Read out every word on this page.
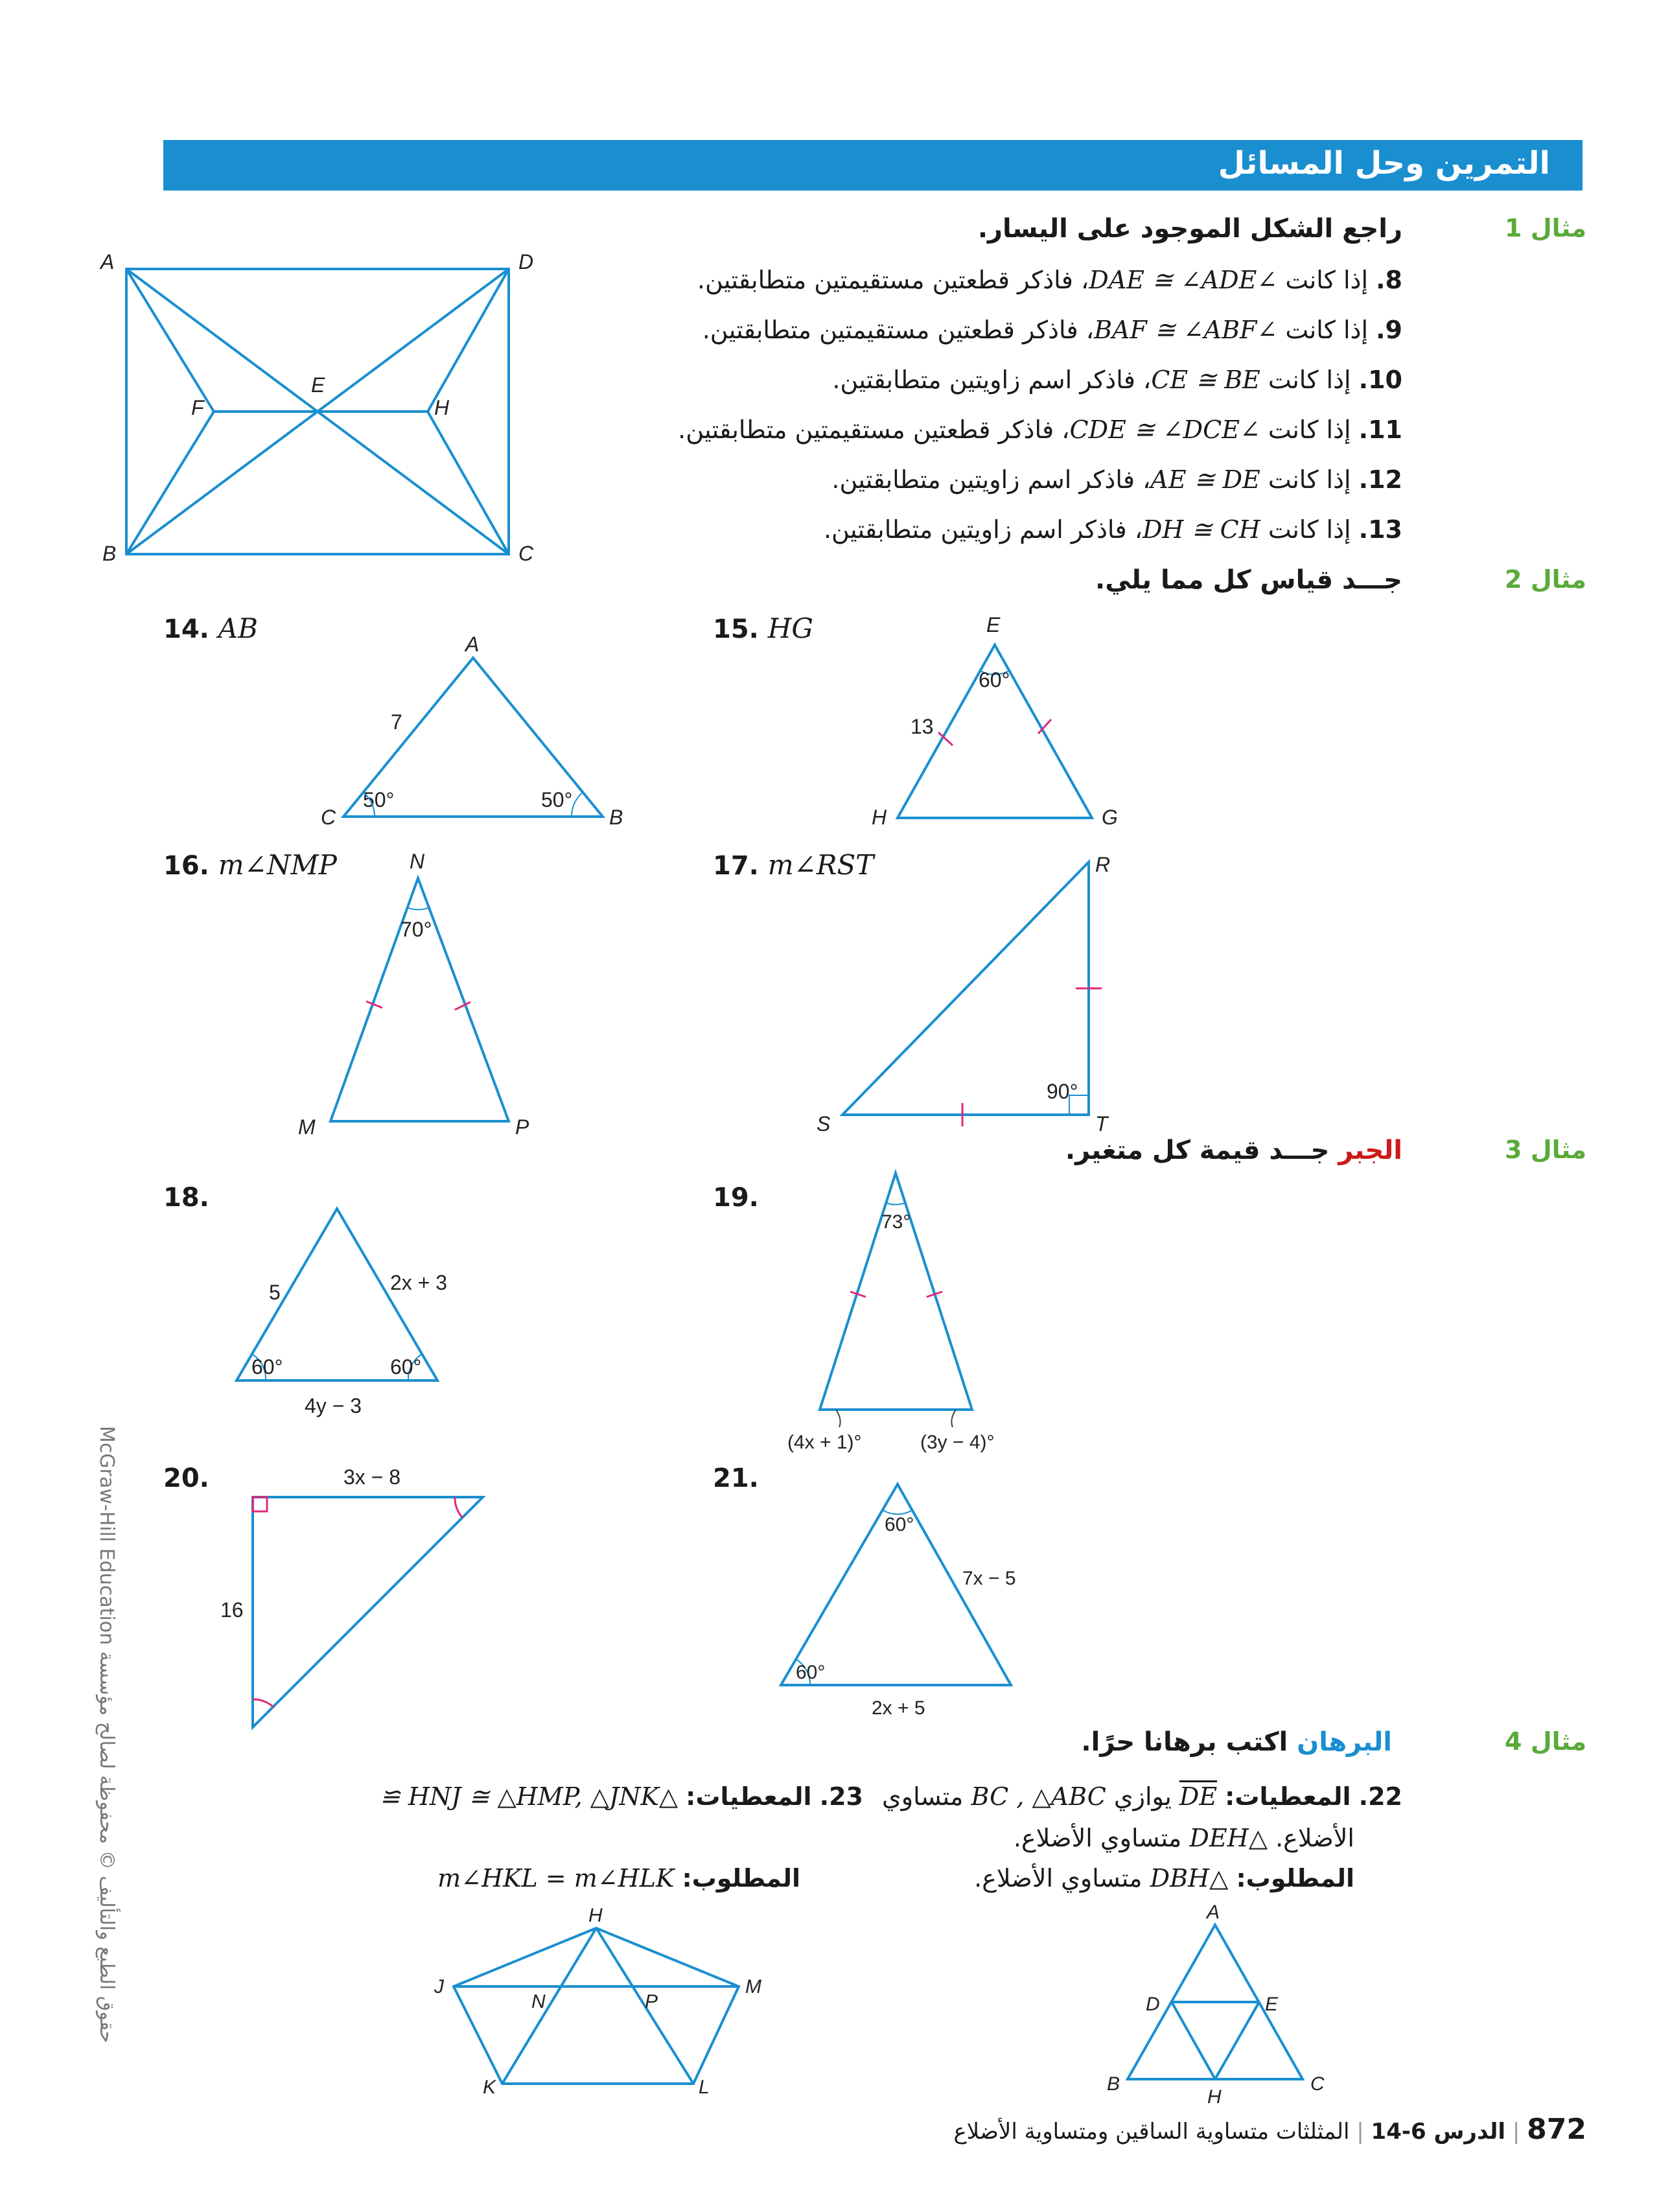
التمرين وحل المسائل
مثال 1
راجع الشكل الموجود على اليسار.
8. إذا كانت ∠DAE ≅ ∠ADE، فاذكر قطعتين مستقيمتين متطابقتين.
9. إذا كانت ∠BAF ≅ ∠ABF، فاذكر قطعتين مستقيمتين متطابقتين.
10. إذا كانت CE ≅ BE، فاذكر اسم زاويتين متطابقتين.
11. إذا كانت ∠CDE ≅ ∠DCE، فاذكر قطعتين مستقيمتين متطابقتين.
12. إذا كانت AE ≅ DE، فاذكر اسم زاويتين متطابقتين.
13. إذا كانت DH ≅ CH، فاذكر اسم زاويتين متطابقتين.
A	D
E
F	H
B	C
مثال 2
جـــد قياس كل مما يلي.
14. AB	A
B
C
7
50°	50°
15. HG	E
H	G
13
60°
16. m∠NMP	N
M	P
70°
17. m∠RST	R
S	T
90°
مثال 3
الجبر جـــد قيمة كل متغير.
18.
5	2x + 3
4y − 3
60°	60°
19.
73°
(4x + 1)°	(3y − 4)°
20.	3x − 8
16
21.
60°
7x − 5
60°
2x + 5
مثال 4
البرهان اكتب برهانا حرًا.
22. المعطيات: DE يوازي BC , △ABC متساوي
الأضلاع. △DEH متساوي الأضلاع.
المطلوب: △DBH متساوي الأضلاع.
A
B	C
D	E
H
23. المعطيات: △HNJ ≅ △HMP, △JNK ≅
المطلوب: m∠HKL = m∠HLK
H
J	M
N	P
K	L
McGraw-Hill Education حقوق الطبع والتأليف © محفوظة لصالح مؤسسة
872 | الدرس 6-14 | المثلثات متساوية الساقين ومتساوية الأضلاع
